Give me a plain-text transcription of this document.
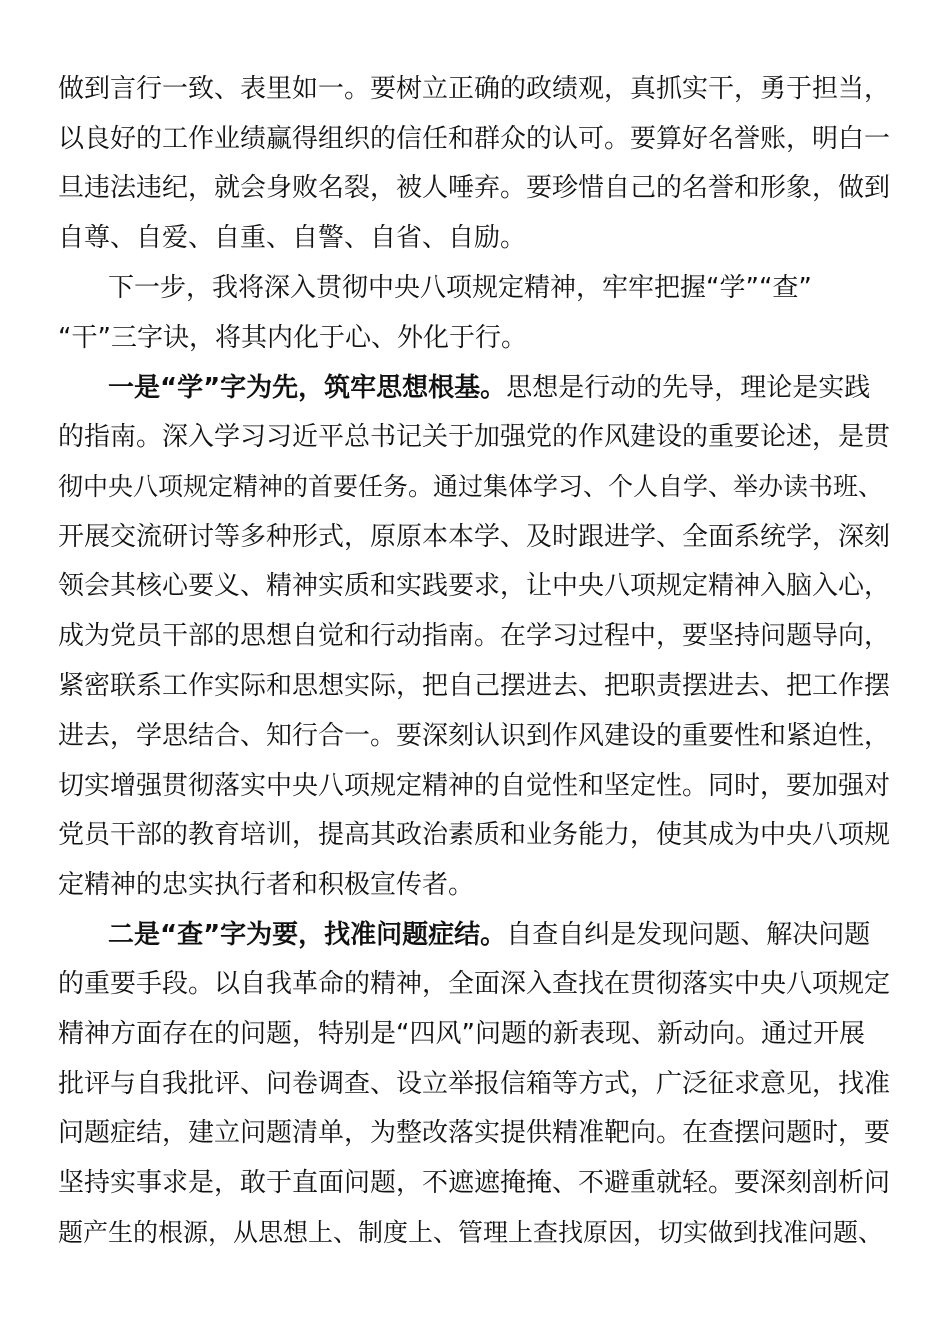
做到言行一致、表里如一。要树立正确的政绩观，真抓实干，勇于担当，
以良好的工作业绩赢得组织的信任和群众的认可。要算好名誉账，明白一
旦违法违纪，就会身败名裂，被人唾弃。要珍惜自己的名誉和形象，做到
自尊、自爱、自重、自警、自省、自励。
下一步，我将深入贯彻中央八项规定精神，牢牢把握“学”“查”
“干”三字诀，将其内化于心、外化于行。
一是“学”字为先，筑牢思想根基。思想是行动的先导，理论是实践
的指南。深入学习习近平总书记关于加强党的作风建设的重要论述，是贯
彻中央八项规定精神的首要任务。通过集体学习、个人自学、举办读书班、
开展交流研讨等多种形式，原原本本学、及时跟进学、全面系统学，深刻
领会其核心要义、精神实质和实践要求，让中央八项规定精神入脑入心，
成为党员干部的思想自觉和行动指南。在学习过程中，要坚持问题导向，
紧密联系工作实际和思想实际，把自己摆进去、把职责摆进去、把工作摆
进去，学思结合、知行合一。要深刻认识到作风建设的重要性和紧迫性，
切实增强贯彻落实中央八项规定精神的自觉性和坚定性。同时，要加强对
党员干部的教育培训，提高其政治素质和业务能力，使其成为中央八项规
定精神的忠实执行者和积极宣传者。
二是“查”字为要，找准问题症结。自查自纠是发现问题、解决问题
的重要手段。以自我革命的精神，全面深入查找在贯彻落实中央八项规定
精神方面存在的问题，特别是“四风”问题的新表现、新动向。通过开展
批评与自我批评、问卷调查、设立举报信箱等方式，广泛征求意见，找准
问题症结，建立问题清单，为整改落实提供精准靶向。在查摆问题时，要
坚持实事求是，敢于直面问题，不遮遮掩掩、不避重就轻。要深刻剖析问
题产生的根源，从思想上、制度上、管理上查找原因，切实做到找准问题、
